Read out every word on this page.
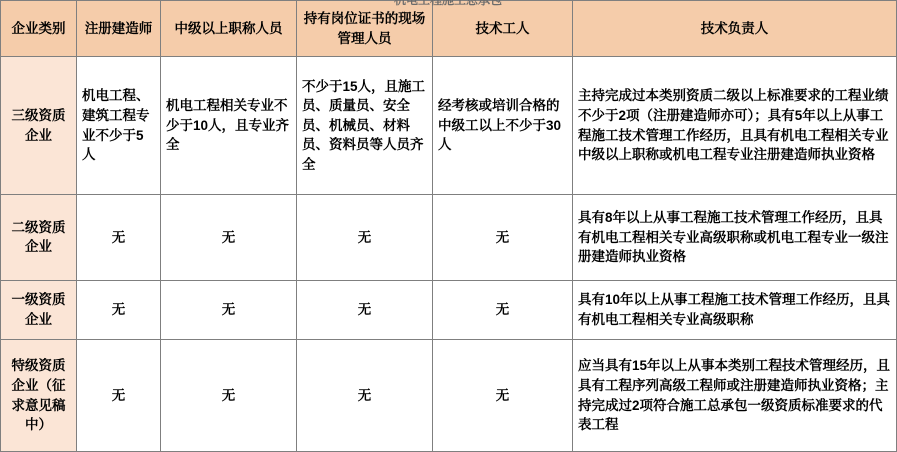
企业类别	注册建造师	中级以上职称人员	持有岗位证书的现场管理人员	技术工人	技术负责人
三级资质企业	机电工程、建筑工程专业不少于5人	机电工程相关专业不少于10人，且专业齐全	不少于15人，且施工员、质量员、安全员、机械员、材料员、资料员等人员齐全	经考核或培训合格的中级工以上不少于30人	主持完成过本类别资质二级以上标准要求的工程业绩不少于2项（注册建造师亦可）；具有5年以上从事工程施工技术管理工作经历，且具有机电工程相关专业中级以上职称或机电工程专业注册建造师执业资格
二级资质企业	无	无	无	无	具有8年以上从事工程施工技术管理工作经历，且具有机电工程相关专业高级职称或机电工程专业一级注册建造师执业资格
一级资质企业	无	无	无	无	具有10年以上从事工程施工技术管理工作经历，且具有机电工程相关专业高级职称
特级资质企业（征求意见稿中）	无	无	无	无	应当具有15年以上从事本类别工程技术管理经历，且具有工程序列高级工程师或注册建造师执业资格；主持完成过2项符合施工总承包一级资质标准要求的代表工程
